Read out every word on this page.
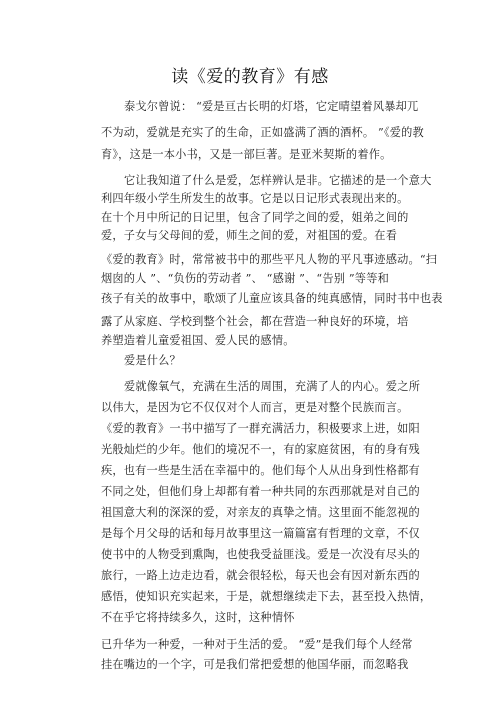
读《爱的教育》有感
泰戈尔曾说： “爱是亘古长明的灯塔，它定晴望着风暴却兀
不为动，爱就是充实了的生命，正如盛满了酒的酒杯。 ”《爱的教
育》，这是一本小书，又是一部巨著。是亚米契斯的着作。
它让我知道了什么是爱，怎样辨认是非。它描述的是一个意大
利四年级小学生所发生的故事。它是以日记形式表现出来的。
在十个月中所记的日记里，包含了同学之间的爱，姐弟之间的
爱，子女与父母间的爱，师生之间的爱，对祖国的爱。在看
《爱的教育》时，常常被书中的那些平凡人物的平凡事迹感动。“扫
烟囱的人 ”、“负伤的劳动者 ”、 “感谢 ”、“告别 ”等等和
孩子有关的故事中，歌颂了儿童应该具备的纯真感情，同时书中也表
露了从家庭、学校到整个社会，都在营造一种良好的环境，培
养塑造着儿童爱祖国、爱人民的感情。
爱是什么？
爱就像氧气，充满在生活的周围，充满了人的内心。爱之所
以伟大，是因为它不仅仅对个人而言，更是对整个民族而言。
《爱的教育》一书中描写了一群充满活力，积极要求上进，如阳
光般灿烂的少年。他们的境况不一，有的家庭贫困，有的身有残
疾，也有一些是生活在幸福中的。他们每个人从出身到性格都有
不同之处，但他们身上却都有着一种共同的东西那就是对自己的
祖国意大利的深深的爱，对亲友的真挚之情。这里面不能忽视的
是每个月父母的话和每月故事里这一篇篇富有哲理的文章，不仅
使书中的人物受到熏陶，也使我受益匪浅。爱是一次没有尽头的
旅行，一路上边走边看，就会很轻松，每天也会有因对新东西的
感悟，使知识充实起来，于是，就想继续走下去，甚至投入热情，
不在乎它将持续多久，这时，这种情怀
已升华为一种爱，一种对于生活的爱。 “爱”是我们每个人经常
挂在嘴边的一个字，可是我们常把爱想的他国华丽，而忽略我
